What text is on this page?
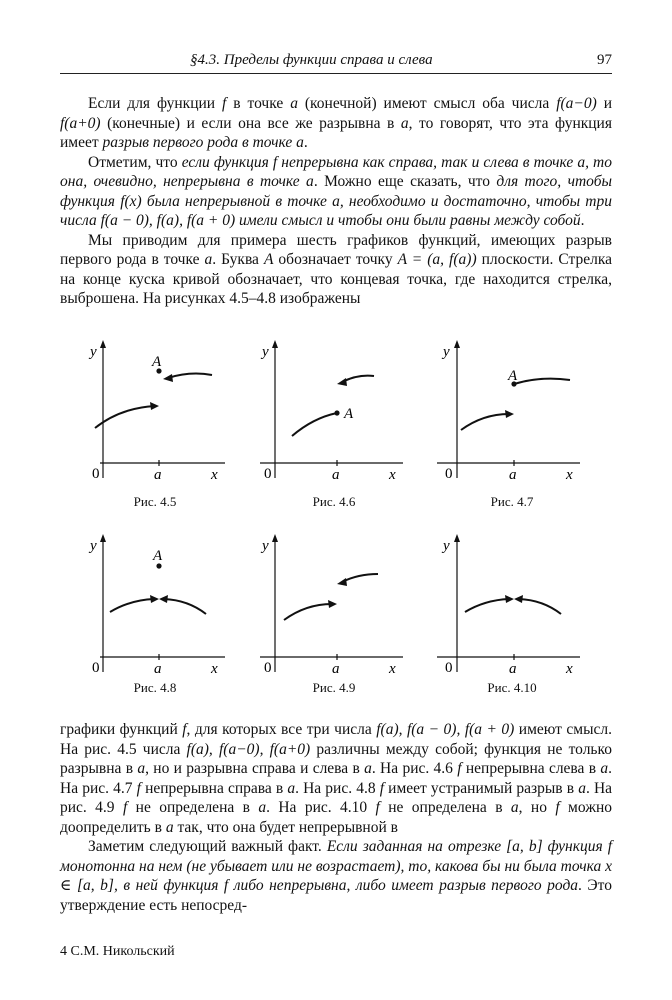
§4.3. Пределы функции справа и слева	97

Если для функции f в точке a (конечной) имеют смысл оба числа f(a−0) и f(a+0) (конечные) и если она все же разрывна в a, то говорят, что эта функция имеет разрыв первого рода в точке a.

Отметим, что если функция f непрерывна как справа, так и слева в точке a, то она, очевидно, непрерывна в точке a. Можно еще сказать, что для того, чтобы функция f(x) была непрерывной в точке a, необходимо и достаточно, чтобы три числа f(a − 0), f(a), f(a + 0) имели смысл и чтобы они были равны между собой.

Мы приводим для примера шесть графиков функций, имеющих разрыв первого рода в точке a. Буква A обозначает точку A = (a, f(a)) плоскости. Стрелка на конце куска кривой обозначает, что концевая точка, где находится стрелка, выброшена. На рисунках 4.5–4.8 изображены

y
0	a	x
A
Рис. 4.5
y
0	a	x
A
Рис. 4.6
y
0	a	x
A
Рис. 4.7
y
0	a	x
A
Рис. 4.8
y
0	a	x
Рис. 4.9
y
0	a	x
Рис. 4.10

графики функций f, для которых все три числа f(a), f(a − 0), f(a + 0) имеют смысл. На рис. 4.5 числа f(a), f(a−0), f(a+0) различны между собой; функция не только разрывна в a, но и разрывна справа и слева в a. На рис. 4.6 f непрерывна слева в a. На рис. 4.7 f непрерывна справа в a. На рис. 4.8 f имеет устранимый разрыв в a. На рис. 4.9 f не определена в a. На рис. 4.10 f не определена в a, но f можно доопределить в a так, что она будет непрерывной в

Заметим следующий важный факт. Если заданная на отрезке [a, b] функция f монотонна на нем (не убывает или не возрастает), то, какова бы ни была точка x ∈ [a, b], в ней функция f либо непрерывна, либо имеет разрыв первого рода. Это утверждение есть непосред-

4 С.М. Никольский
